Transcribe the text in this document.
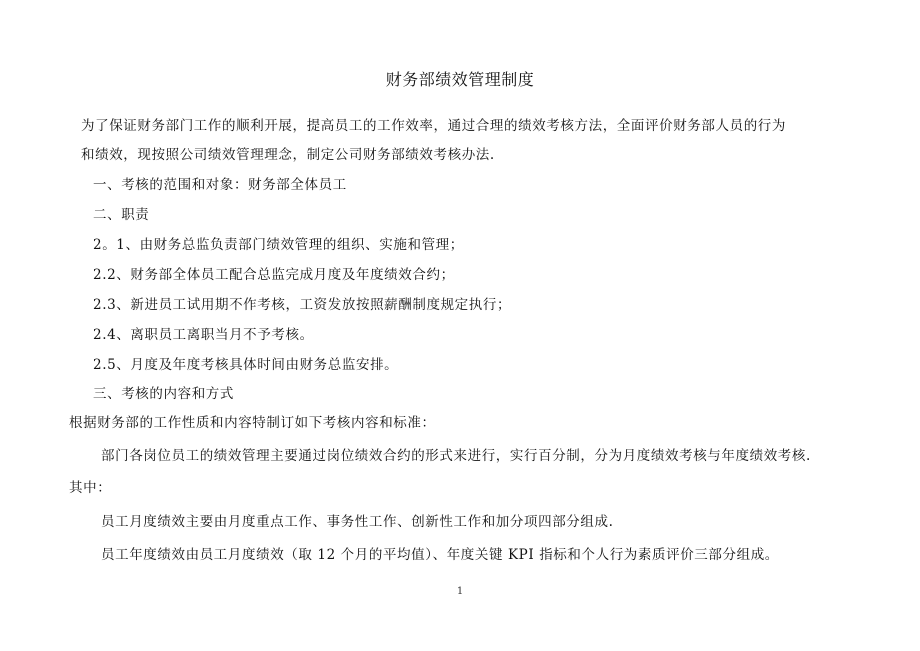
财务部绩效管理制度
为了保证财务部门工作的顺利开展，提高员工的工作效率，通过合理的绩效考核方法，全面评价财务部人员的行为
和绩效，现按照公司绩效管理理念，制定公司财务部绩效考核办法.
一、考核的范围和对象：财务部全体员工
二、职责
2。1、由财务总监负责部门绩效管理的组织、实施和管理；
2.2、财务部全体员工配合总监完成月度及年度绩效合约；
2.3、新进员工试用期不作考核，工资发放按照薪酬制度规定执行；
2.4、离职员工离职当月不予考核。
2.5、月度及年度考核具体时间由财务总监安排。
三、考核的内容和方式
根据财务部的工作性质和内容特制订如下考核内容和标准：
部门各岗位员工的绩效管理主要通过岗位绩效合约的形式来进行，实行百分制，分为月度绩效考核与年度绩效考核.
其中：
员工月度绩效主要由月度重点工作、事务性工作、创新性工作和加分项四部分组成.
员工年度绩效由员工月度绩效（取 12 个月的平均值）、年度关键 KPI 指标和个人行为素质评价三部分组成。
1
